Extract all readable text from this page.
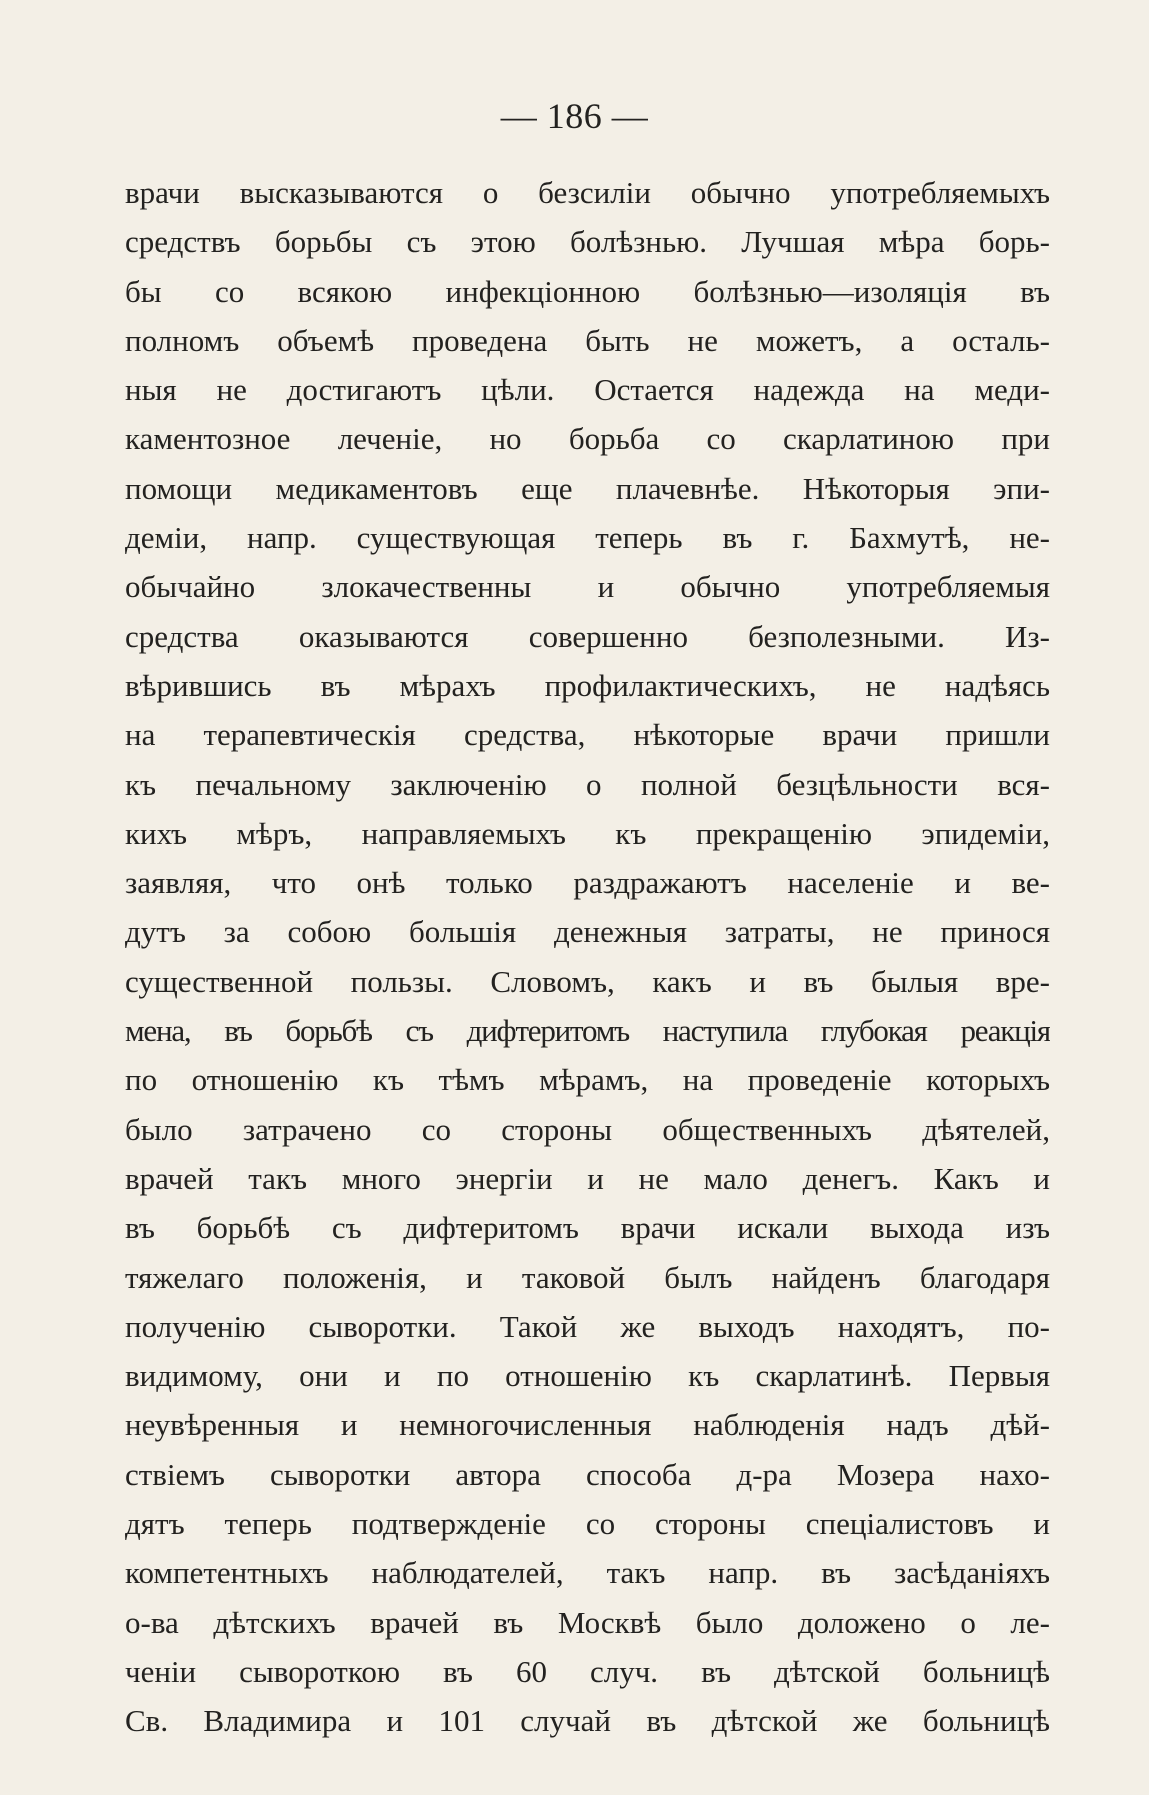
— 186 —
врачи высказываются о безсиліи обычно употребляемыхъ
средствъ борьбы съ этою болѣзнью. Лучшая мѣра борь-
бы со всякою инфекціонною болѣзнью—изоляція въ
полномъ объемѣ проведена быть не можетъ, а осталь-
ныя не достигаютъ цѣли. Остается надежда на меди-
каментозное леченіе, но борьба со скарлатиною при
помощи медикаментовъ еще плачевнѣе. Нѣкоторыя эпи-
деміи, напр. существующая теперь въ г. Бахмутѣ, не-
обычайно злокачественны и обычно употребляемыя
средства оказываются совершенно безполезными. Из-
вѣрившись въ мѣрахъ профилактическихъ, не надѣясь
на терапевтическія средства, нѣкоторые врачи пришли
къ печальному заключенію о полной безцѣльности вся-
кихъ мѣръ, направляемыхъ къ прекращенію эпидеміи,
заявляя, что онѣ только раздражаютъ населеніе и ве-
дутъ за собою большія денежныя затраты, не принося
существенной пользы. Словомъ, какъ и въ былыя вре-
мена, въ борьбѣ съ дифтеритомъ наступила глубокая реакція
по отношенію къ тѣмъ мѣрамъ, на проведеніе которыхъ
было затрачено со стороны общественныхъ дѣятелей,
врачей такъ много энергіи и не мало денегъ. Какъ и
въ борьбѣ съ дифтеритомъ врачи искали выхода изъ
тяжелаго положенія, и таковой былъ найденъ благодаря
полученію сыворотки. Такой же выходъ находятъ, по-
видимому, они и по отношенію къ скарлатинѣ. Первыя
неувѣренныя и немногочисленныя наблюденія надъ дѣй-
ствіемъ сыворотки автора способа д-ра Мозера нахо-
дятъ теперь подтвержденіе со стороны спеціалистовъ и
компетентныхъ наблюдателей, такъ напр. въ засѣданіяхъ
о-ва дѣтскихъ врачей въ Москвѣ было доложено о ле-
ченіи сывороткою въ 60 случ. въ дѣтской больницѣ
Св. Владимира и 101 случай въ дѣтской же больницѣ
